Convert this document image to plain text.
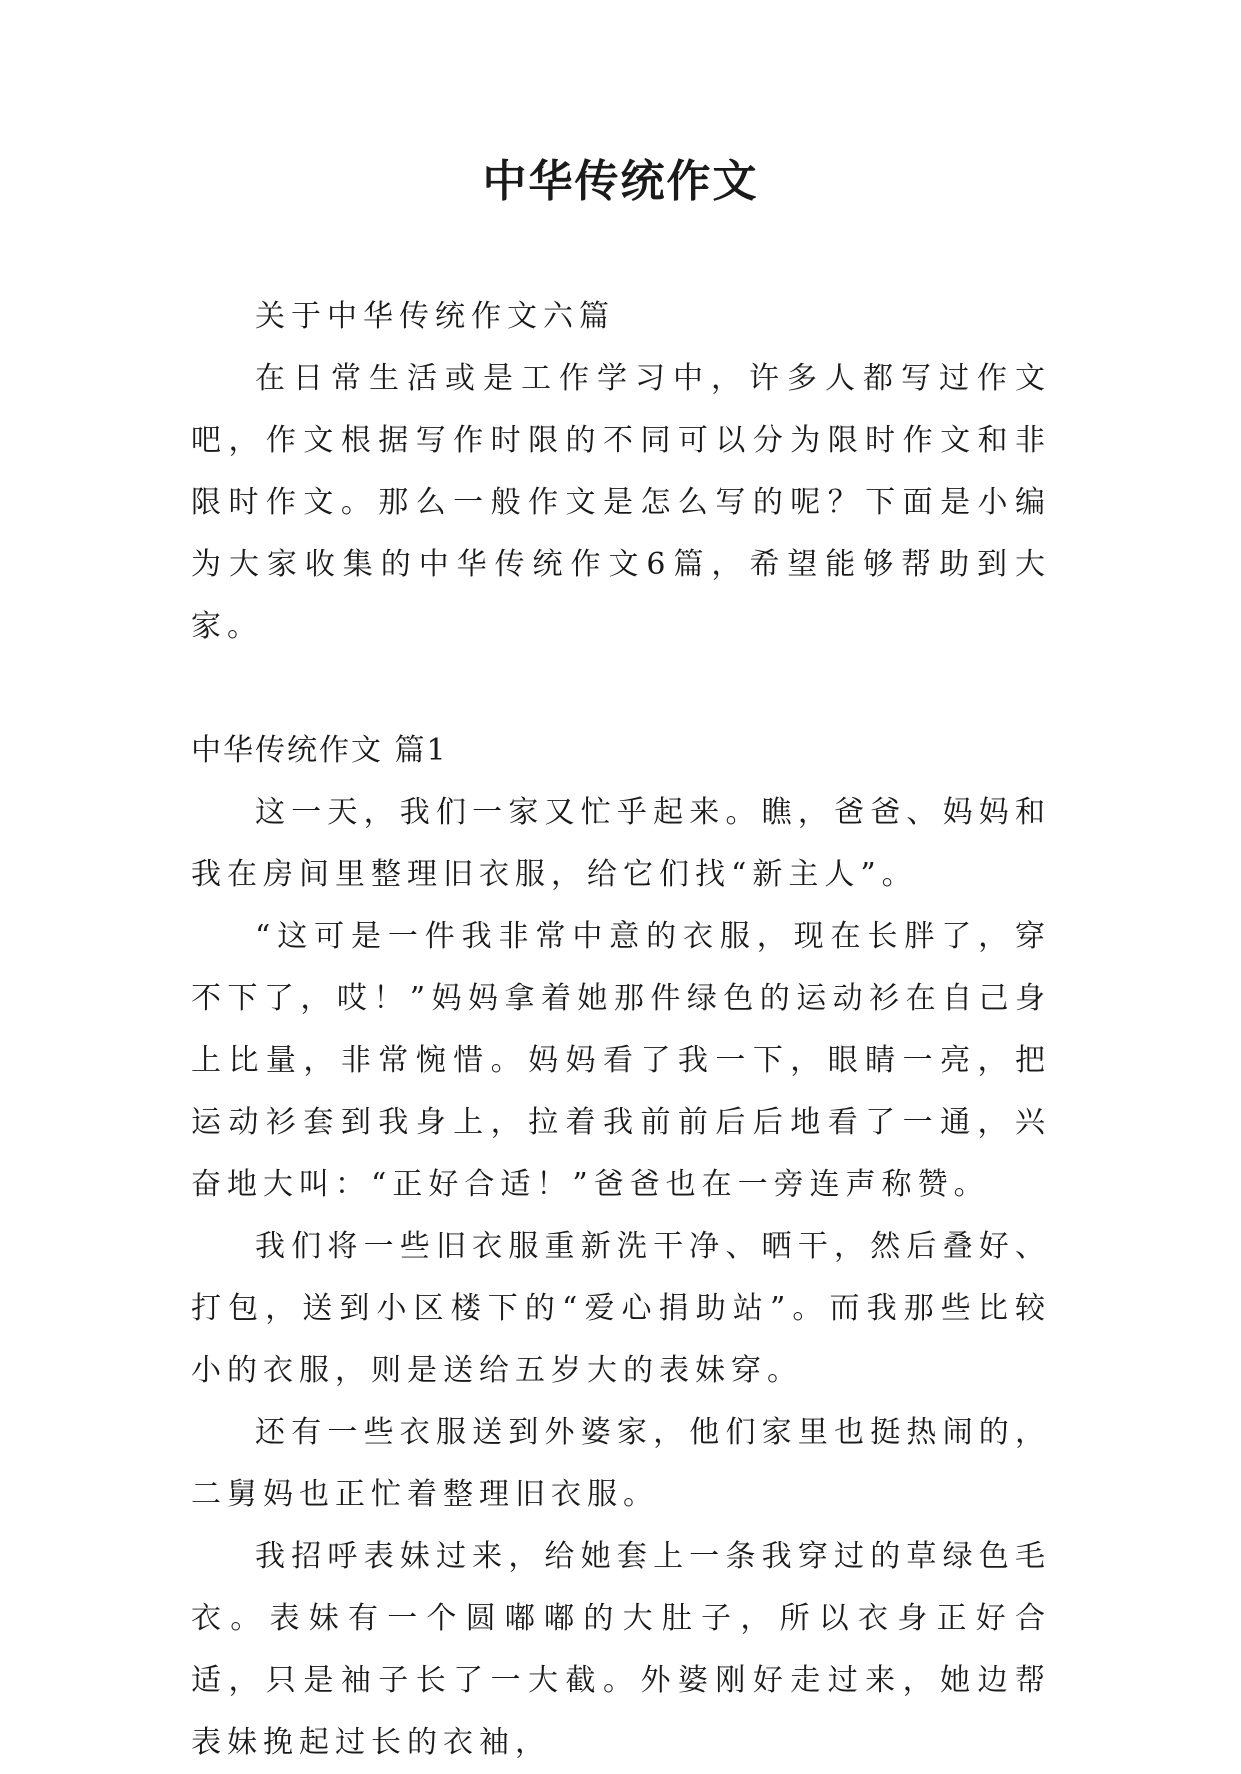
中华传统作文

关于中华传统作文六篇

在日常生活或是工作学习中，许多人都写过作文吧，作文根据写作时限的不同可以分为限时作文和非限时作文。那么一般作文是怎么写的呢？下面是小编为大家收集的中华传统作文6篇，希望能够帮助到大家。

中华传统作文 篇1

这一天，我们一家又忙乎起来。瞧，爸爸、妈妈和我在房间里整理旧衣服，给它们找“新主人”。

“这可是一件我非常中意的衣服，现在长胖了，穿不下了，哎！”妈妈拿着她那件绿色的运动衫在自己身上比量，非常惋惜。妈妈看了我一下，眼睛一亮，把运动衫套到我身上，拉着我前前后后地看了一通，兴奋地大叫：“正好合适！”爸爸也在一旁连声称赞。

我们将一些旧衣服重新洗干净、晒干，然后叠好、打包，送到小区楼下的“爱心捐助站”。而我那些比较小的衣服，则是送给五岁大的表妹穿。

还有一些衣服送到外婆家，他们家里也挺热闹的，二舅妈也正忙着整理旧衣服。

我招呼表妹过来，给她套上一条我穿过的草绿色毛衣。表妹有一个圆嘟嘟的大肚子，所以衣身正好合适，只是袖子长了一大截。外婆刚好走过来，她边帮表妹挽起过长的衣袖，
